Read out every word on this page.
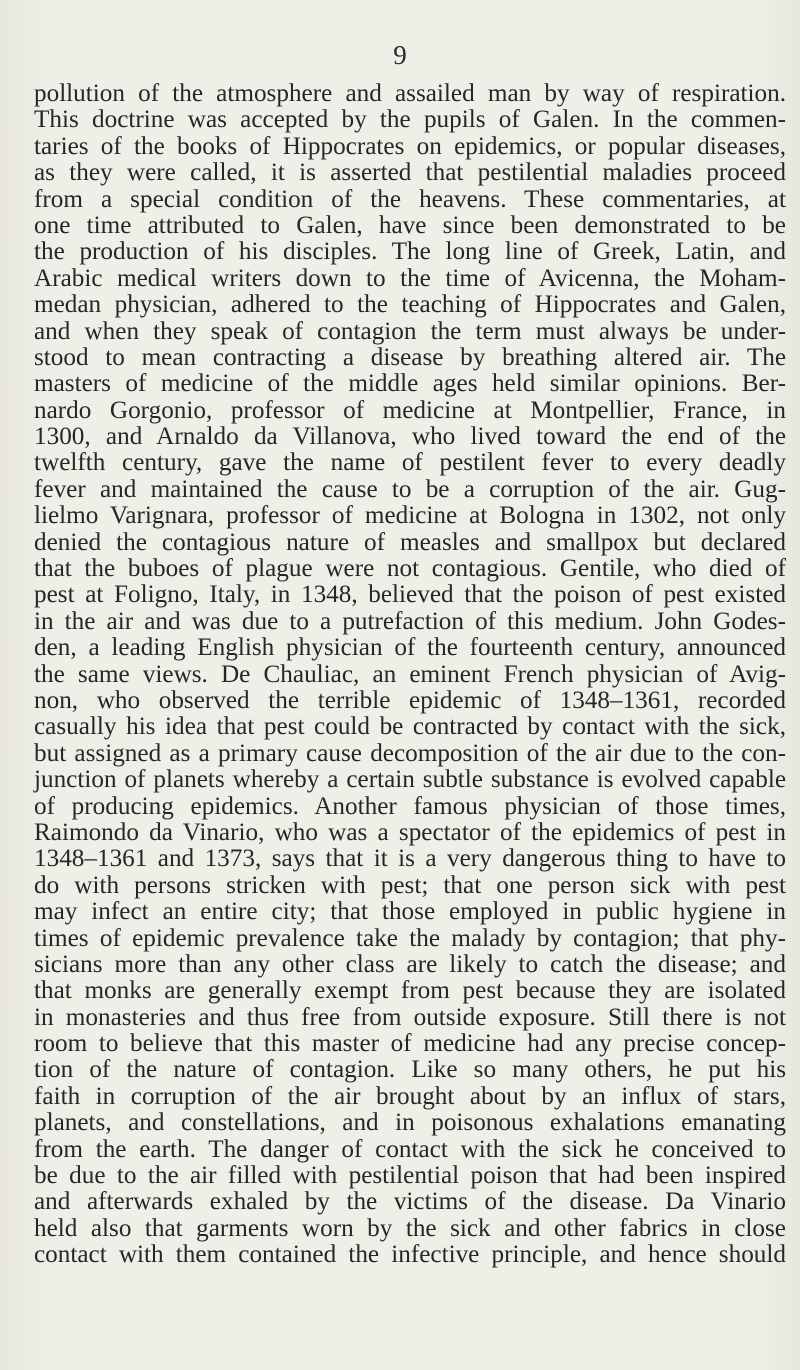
9
pollution of the atmosphere and assailed man by way of respiration.
This doctrine was accepted by the pupils of Galen. In the commen-
taries of the books of Hippocrates on epidemics, or popular diseases,
as they were called, it is asserted that pestilential maladies proceed
from a special condition of the heavens. These commentaries, at
one time attributed to Galen, have since been demonstrated to be
the production of his disciples. The long line of Greek, Latin, and
Arabic medical writers down to the time of Avicenna, the Moham-
medan physician, adhered to the teaching of Hippocrates and Galen,
and when they speak of contagion the term must always be under-
stood to mean contracting a disease by breathing altered air. The
masters of medicine of the middle ages held similar opinions. Ber-
nardo Gorgonio, professor of medicine at Montpellier, France, in
1300, and Arnaldo da Villanova, who lived toward the end of the
twelfth century, gave the name of pestilent fever to every deadly
fever and maintained the cause to be a corruption of the air. Gug-
lielmo Varignara, professor of medicine at Bologna in 1302, not only
denied the contagious nature of measles and smallpox but declared
that the buboes of plague were not contagious. Gentile, who died of
pest at Foligno, Italy, in 1348, believed that the poison of pest existed
in the air and was due to a putrefaction of this medium. John Godes-
den, a leading English physician of the fourteenth century, announced
the same views. De Chauliac, an eminent French physician of Avig-
non, who observed the terrible epidemic of 1348–1361, recorded
casually his idea that pest could be contracted by contact with the sick,
but assigned as a primary cause decomposition of the air due to the con-
junction of planets whereby a certain subtle substance is evolved capable
of producing epidemics. Another famous physician of those times,
Raimondo da Vinario, who was a spectator of the epidemics of pest in
1348–1361 and 1373, says that it is a very dangerous thing to have to
do with persons stricken with pest; that one person sick with pest
may infect an entire city; that those employed in public hygiene in
times of epidemic prevalence take the malady by contagion; that phy-
sicians more than any other class are likely to catch the disease; and
that monks are generally exempt from pest because they are isolated
in monasteries and thus free from outside exposure. Still there is not
room to believe that this master of medicine had any precise concep-
tion of the nature of contagion. Like so many others, he put his
faith in corruption of the air brought about by an influx of stars,
planets, and constellations, and in poisonous exhalations emanating
from the earth. The danger of contact with the sick he conceived to
be due to the air filled with pestilential poison that had been inspired
and afterwards exhaled by the victims of the disease. Da Vinario
held also that garments worn by the sick and other fabrics in close
contact with them contained the infective principle, and hence should
